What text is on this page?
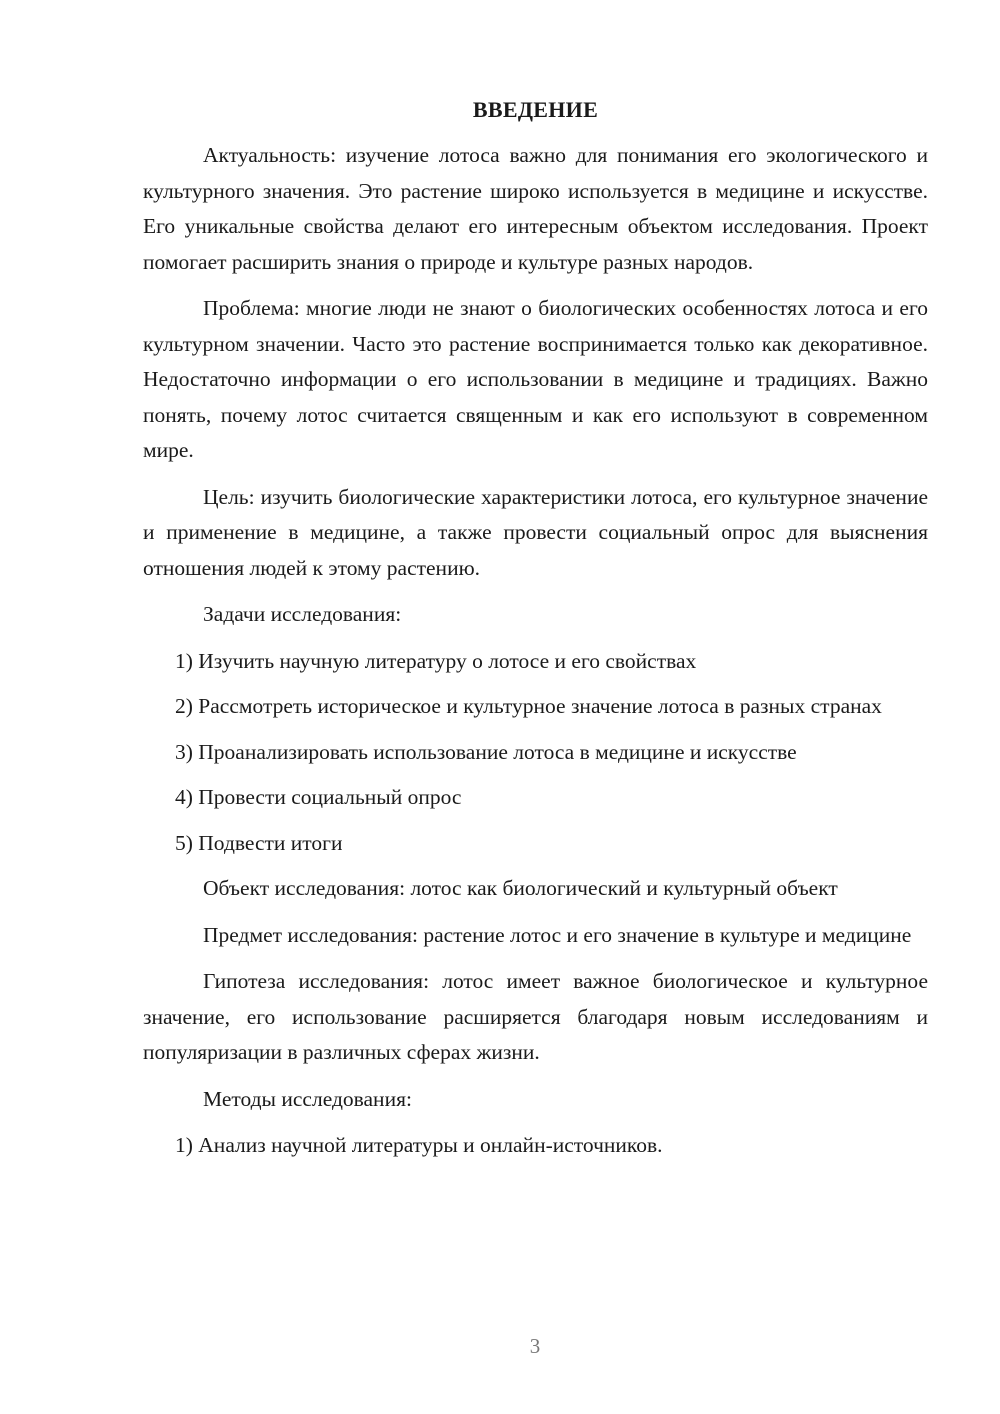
ВВЕДЕНИЕ

Актуальность: изучение лотоса важно для понимания его экологического и культурного значения. Это растение широко используется в медицине и искусстве. Его уникальные свойства делают его интересным объектом исследования. Проект помогает расширить знания о природе и культуре разных народов.

Проблема: многие люди не знают о биологических особенностях лотоса и его культурном значении. Часто это растение воспринимается только как декоративное. Недостаточно информации о его использовании в медицине и традициях. Важно понять, почему лотос считается священным и как его используют в современном мире.

Цель: изучить биологические характеристики лотоса, его культурное значение и применение в медицине, а также провести социальный опрос для выяснения отношения людей к этому растению.

Задачи исследования:

1) Изучить научную литературу о лотосе и его свойствах

2) Рассмотреть историческое и культурное значение лотоса в разных странах

3) Проанализировать использование лотоса в медицине и искусстве

4) Провести социальный опрос

5) Подвести итоги

Объект исследования: лотос как биологический и культурный объект

Предмет исследования: растение лотос и его значение в культуре и медицине

Гипотеза исследования: лотос имеет важное биологическое и культурное значение, его использование расширяется благодаря новым исследованиям и популяризации в различных сферах жизни.

Методы исследования:

1) Анализ научной литературы и онлайн-источников.

3
